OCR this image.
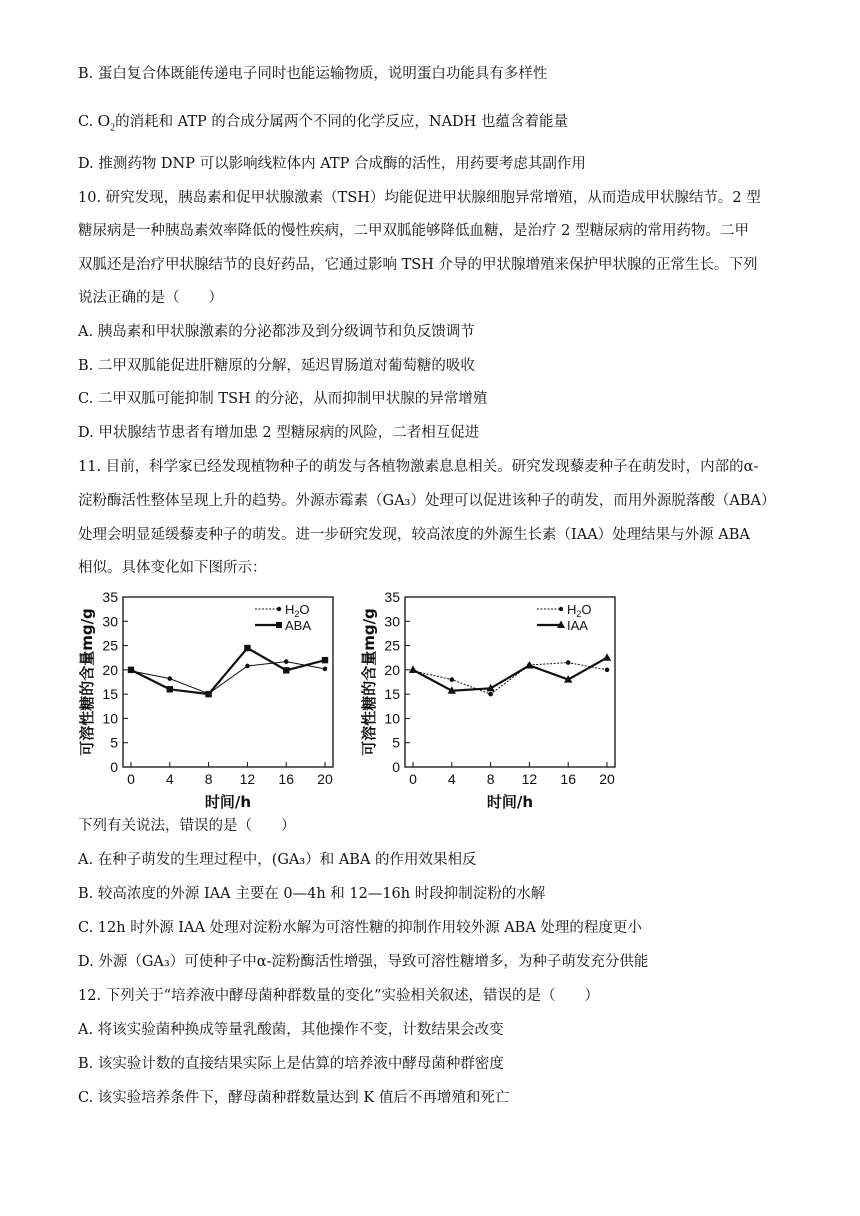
B. 蛋白复合体既能传递电子同时也能运输物质，说明蛋白功能具有多样性
C. $O_2$的消耗和 ATP 的合成分属两个不同的化学反应，NADH 也蕴含着能量
D. 推测药物 DNP 可以影响线粒体内 ATP 合成酶的活性，用药要考虑其副作用
10. 研究发现，胰岛素和促甲状腺激素（TSH）均能促进甲状腺细胞异常增殖，从而造成甲状腺结节。2 型
糖尿病是一种胰岛素效率降低的慢性疾病，二甲双胍能够降低血糖，是治疗 2 型糖尿病的常用药物。二甲
双胍还是治疗甲状腺结节的良好药品，它通过影响 TSH 介导的甲状腺增殖来保护甲状腺的正常生长。下列
说法正确的是（　　）
A. 胰岛素和甲状腺激素的分泌都涉及到分级调节和负反馈调节
B. 二甲双胍能促进肝糖原的分解，延迟胃肠道对葡萄糖的吸收
C. 二甲双胍可能抑制 TSH 的分泌，从而抑制甲状腺的异常增殖
D. 甲状腺结节患者有增加患 2 型糖尿病的风险，二者相互促进
11. 目前，科学家已经发现植物种子的萌发与各植物激素息息相关。研究发现藜麦种子在萌发时，内部的α-
淀粉酶活性整体呈现上升的趋势。外源赤霉素（GA₃）处理可以促进该种子的萌发，而用外源脱落酸（ABA）
处理会明显延缓藜麦种子的萌发。进一步研究发现，较高浓度的外源生长素（IAA）处理结果与外源 ABA
相似。具体变化如下图所示：
0
5
10
15
20
25
30
35
0 4 8 12 16 20
时间/h
可溶性糖的含量mg/g	$H_2O$
ABA
0
5
10
15
20
25
30
35
0 4 8 12 16 20
时间/h
可溶性糖的含量mg/g	$H_2O$
IAA
下列有关说法，错误的是（　　）
A. 在种子萌发的生理过程中，(GA₃）和 ABA 的作用效果相反
B. 较高浓度的外源 IAA 主要在 0—4h 和 12—16h 时段抑制淀粉的水解
C. 12h 时外源 IAA 处理对淀粉水解为可溶性糖的抑制作用较外源 ABA 处理的程度更小
D. 外源（GA₃）可使种子中α-淀粉酶活性增强，导致可溶性糖增多，为种子萌发充分供能
12. 下列关于“培养液中酵母菌种群数量的变化”实验相关叙述，错误的是（　　）
A. 将该实验菌种换成等量乳酸菌，其他操作不变，计数结果会改变
B. 该实验计数的直接结果实际上是估算的培养液中酵母菌种群密度
C. 该实验培养条件下，酵母菌种群数量达到 K 值后不再增殖和死亡
